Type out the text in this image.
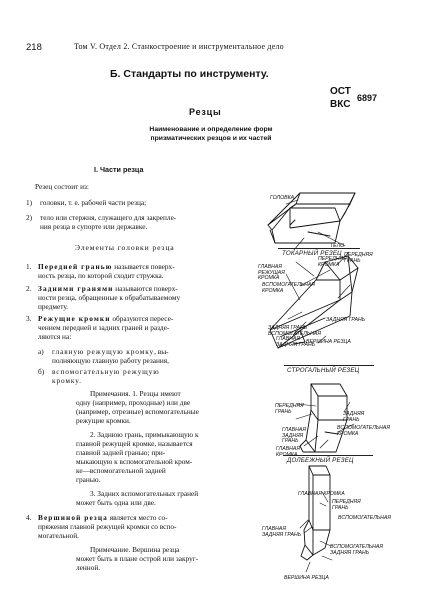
218	Том V. Отдел 2. Станкостроение и инструментальное дело
Б. Стандарты по инструменту.
ОСТ
ВКС
6897
Резцы
Наименование и определение форм
призматических резцов и их частей
I. Части резца
Резец состоит из:
1) головки, т. е. рабочей части резца;
2) тело или стержня, служащего для закрепле-
ния резца в супорте или державке.
Элементы головки резца
1. Передней гранью называется поверх-
ность резца, по которой сходит стружка.
2. Задними гранями называются поверх-
ности резца, обращенные к обрабатываемому
предмету.
3. Режущие кромки образуются пересе-
чением передней и задних граней и разде-
ляются на:
а) главную режущую кромку, вы-
полняющую главную работу резания,
б) вспомогательную режущую
кромку.
Примечания. 1. Резцы имеют
одну (например, проходные) или две
(например, отрезные) вспомогательные
режущие кромки.
2. Заднюю грань, примыкающую к
главной режущей кромке, называется
главной задней гранью; при-
мыкающую к вспомогательной кром-
ке—вспомогательной задней
гранью.
3. Задних вспомогательных граней
может быть одна или две.
4. Вершиной резца является место со-
пряжения главной режущей кромки со вспо-
могательной.
Примечание. Вершина резца
может быть в плане острой или закруг-
ленной.
ГОЛОВКА
ТЕЛО
ТОКАРНЫЙ РЕЗЕЦ
ПЕРЕДНЯЯ КРОМКА
ПЕРЕДНЯЯ ГРАНЬ
ГЛАВНАЯ РЕЖУЩАЯ КРОМКА
ВСПОМОГАТЕЛЬНАЯ КРОМКА
ЗАДНЯЯ ГРАНЬ
ЗАДНЯЯ ГРАНЬ ВСПОМОГАТЕЛЬНАЯ
ГЛАВНАЯ ЗАДНЯЯ ГРАНЬ
ВЕРШИНА РЕЗЦА
СТРОГАЛЬНЫЙ РЕЗЕЦ
ПЕРЕДНЯЯ ГРАНЬ	ЗАДНЯЯ ГРАНЬ
ВСПОМОГАТЕЛЬНАЯ КРОМКА
ГЛАВНАЯ ЗАДНЯЯ ГРАНЬ
ГЛАВНАЯ КРОМКА
ДОЛБЕЖНЫЙ РЕЗЕЦ
ГЛАВНАЯ КРОМКА
ПЕРЕДНЯЯ ГРАНЬ
ВСПОМОГАТЕЛЬНАЯ
ГЛАВНАЯ ЗАДНЯЯ ГРАНЬ
ВСПОМОГАТЕЛЬНАЯ ЗАДНЯЯ ГРАНЬ
ВЕРШИНА РЕЗЦА
